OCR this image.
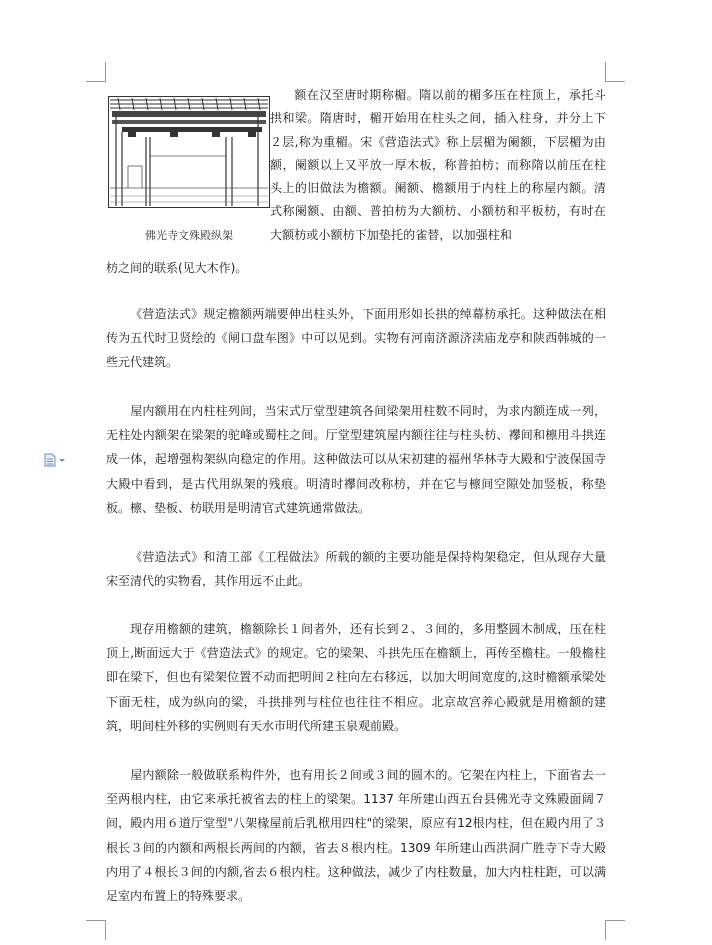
佛光寺文殊殿纵架
额在汉至唐时期称楣。隋以前的楣多压在柱顶上，承托斗拱和梁。隋唐时，楣开始用在柱头之间，插入柱身，并分上下２层,称为重楣。宋《营造法式》称上层楣为阑额，下层楣为由额，阑额以上又平放一厚木板，称普拍枋；而称隋以前压在柱头上的旧做法为檐额。阑额、檐额用于内柱上的称屋内额。清式称阑额、由额、普拍枋为大额枋、小额枋和平板枋，有时在大额枋或小额枋下加垫托的雀替，以加强柱和
枋之间的联系(见大木作)。
《营造法式》规定檐额两端要伸出柱头外，下面用形如长拱的绰幕枋承托。这种做法在相传为五代时卫贤绘的《闸口盘车图》中可以见到。实物有河南济源济渎庙龙亭和陕西韩城的一些元代建筑。
屋内额用在内柱柱列间，当宋式厅堂型建筑各间梁架用柱数不同时，为求内额连成一列，无柱处内额架在梁架的驼峰或蜀柱之间。厅堂型建筑屋内额往往与柱头枋、襻间和檩用斗拱连成一体，起增强构架纵向稳定的作用。这种做法可以从宋初建的福州华林寺大殿和宁波保国寺大殿中看到，是古代用纵架的残痕。明清时襻间改称枋，并在它与檩间空隙处加竖板，称垫板。檩、垫板、枋联用是明清官式建筑通常做法。
《营造法式》和清工部《工程做法》所载的额的主要功能是保持构架稳定，但从现存大量宋至清代的实物看，其作用远不止此。
现存用檐额的建筑，檐额除长１间者外，还有长到２、３间的，多用整圆木制成，压在柱顶上,断面远大于《营造法式》的规定。它的梁架、斗拱先压在檐额上，再传至檐柱。一般檐柱即在梁下，但也有梁架位置不动而把明间２柱向左右移远，以加大明间宽度的,这时檐额承梁处下面无柱，成为纵向的梁，斗拱排列与柱位也往往不相应。北京故宫养心殿就是用檐额的建筑，明间柱外移的实例则有天水市明代所建玉泉观前殿。
屋内额除一般做联系构件外，也有用长２间或３间的圆木的。它架在内柱上，下面省去一至两根内柱，由它来承托被省去的柱上的梁架。1137 年所建山西五台县佛光寺文殊殿面阔７间，殿内用６道厅堂型"八架椽屋前后乳栿用四柱"的梁架，原应有12根内柱，但在殿内用了３根长３间的内额和两根长两间的内额，省去８根内柱。1309 年所建山西洪洞广胜寺下寺大殿内用了４根长３间的内额,省去６根内柱。这种做法，减少了内柱数量，加大内柱柱距，可以满足室内布置上的特殊要求。
